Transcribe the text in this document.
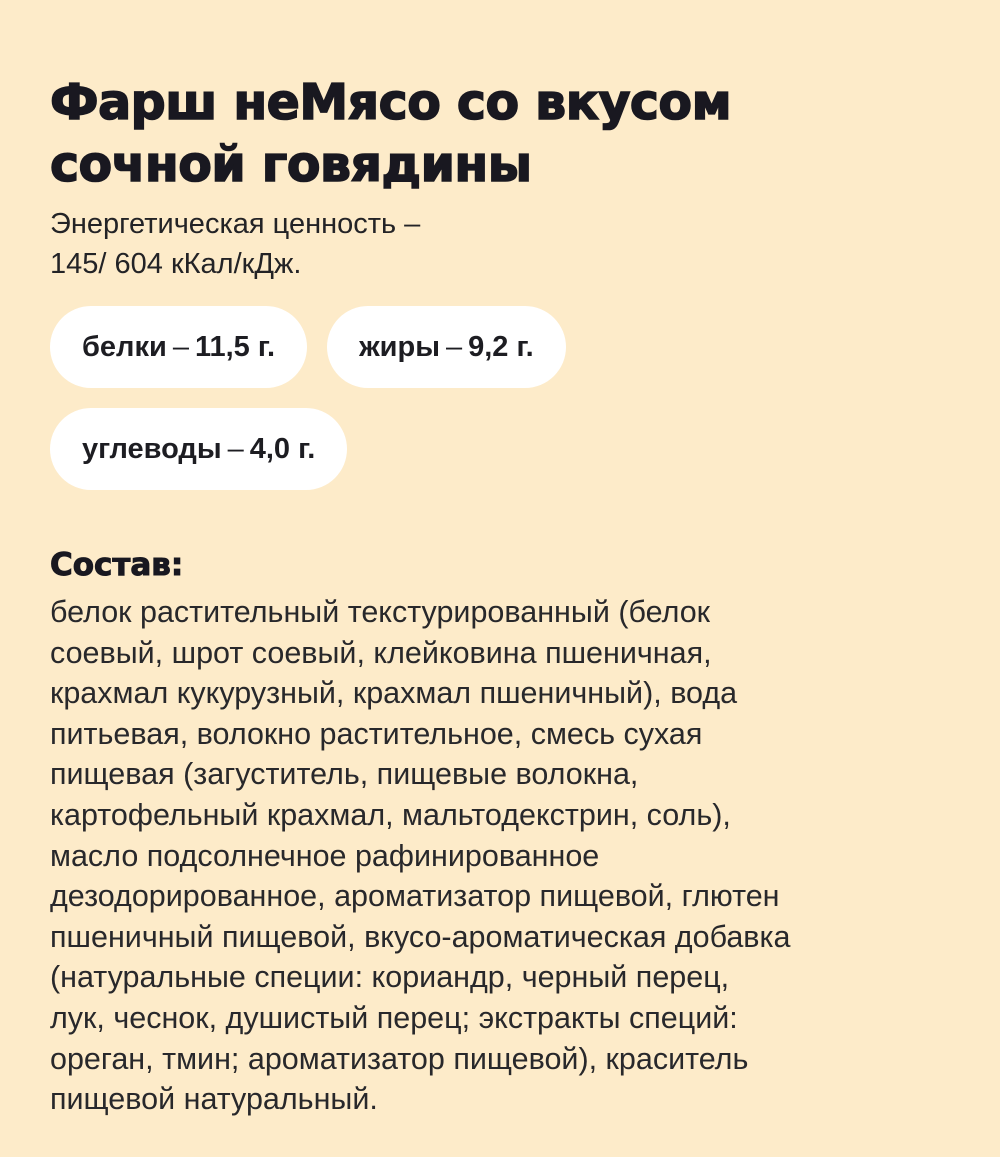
Фарш неМясо со вкусом
сочной говядины
Энергетическая ценность –
145/ 604 кКал/кДж.
белки – 11,5 г.	жиры – 9,2 г.
углеводы – 4,0 г.
Состав:
белок растительный текстурированный (белок
соевый, шрот соевый, клейковина пшеничная,
крахмал кукурузный, крахмал пшеничный), вода
питьевая, волокно растительное, смесь сухая
пищевая (загуститель, пищевые волокна,
картофельный крахмал, мальтодекстрин, соль),
масло подсолнечное рафинированное
дезодорированное, ароматизатор пищевой, глютен
пшеничный пищевой, вкусо-ароматическая добавка
(натуральные специи: кориандр, черный перец,
лук, чеснок, душистый перец; экстракты специй:
ореган, тмин; ароматизатор пищевой), краситель
пищевой натуральный.
